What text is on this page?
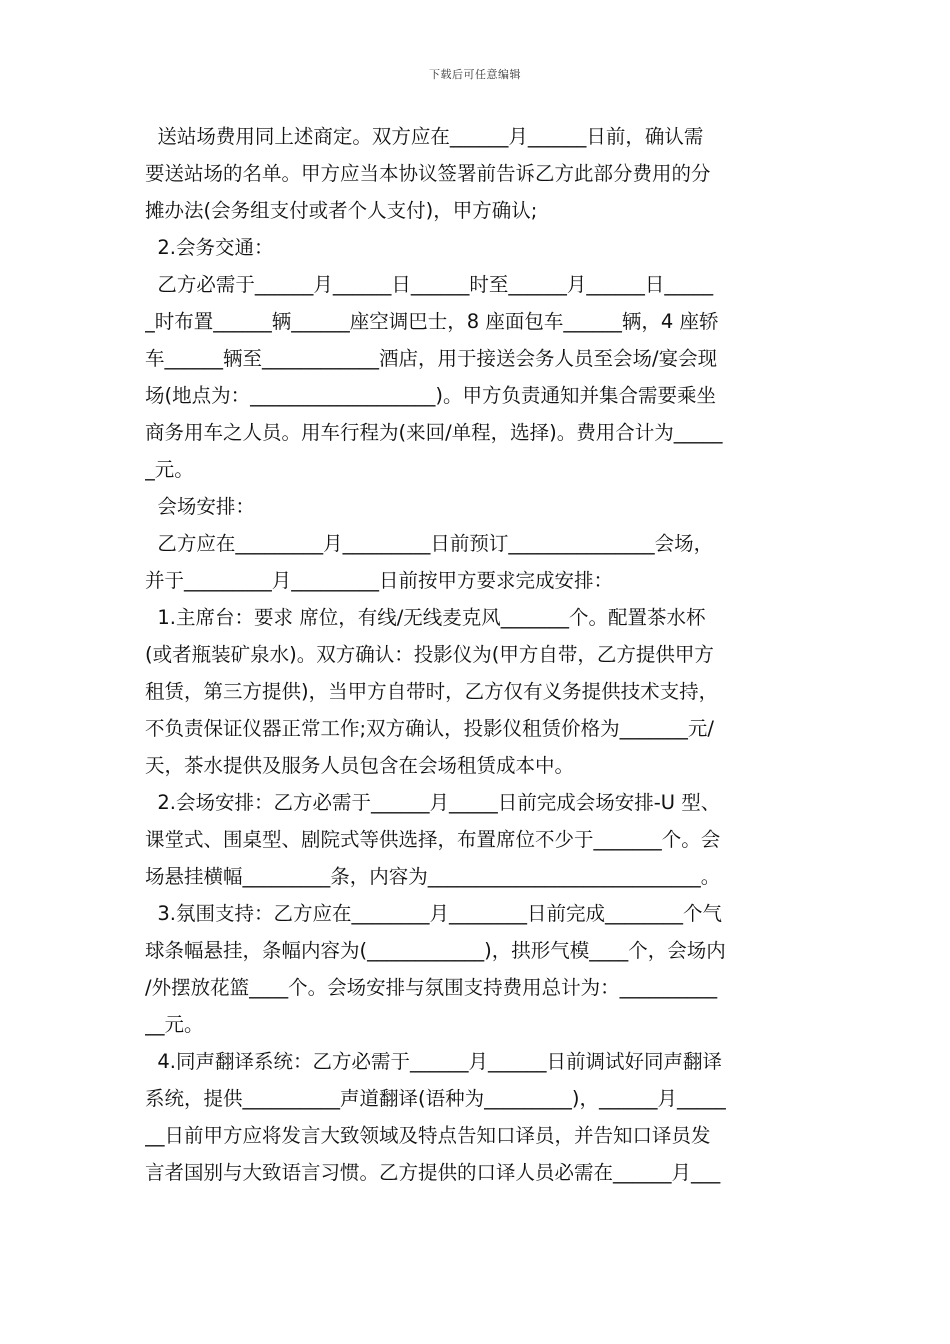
下载后可任意编辑
送站场费用同上述商定。双方应在______月______日前，确认需
要送站场的名单。甲方应当本协议签署前告诉乙方此部分费用的分
摊办法(会务组支付或者个人支付)，甲方确认;
2.会务交通：
乙方必需于______月______日______时至______月______日_____
_时布置______辆______座空调巴士，8 座面包车______辆，4 座轿
车______辆至____________酒店，用于接送会务人员至会场/宴会现
场(地点为：___________________)。甲方负责通知并集合需要乘坐
商务用车之人员。用车行程为(来回/单程，选择)。费用合计为_____
_元。
会场安排：
乙方应在_________月_________日前预订_______________会场，
并于_________月_________日前按甲方要求完成安排：
1.主席台：要求 席位，有线/无线麦克风_______个。配置茶水杯
(或者瓶装矿泉水)。双方确认：投影仪为(甲方自带，乙方提供甲方
租赁，第三方提供)，当甲方自带时，乙方仅有义务提供技术支持，
不负责保证仪器正常工作;双方确认，投影仪租赁价格为_______元/
天，茶水提供及服务人员包含在会场租赁成本中。
2.会场安排：乙方必需于______月_____日前完成会场安排-U 型、
课堂式、围桌型、剧院式等供选择，布置席位不少于_______个。会
场悬挂横幅_________条，内容为____________________________。
3.氛围支持：乙方应在________月________日前完成________个气
球条幅悬挂，条幅内容为(____________)，拱形气模____个，会场内
/外摆放花篮____个。会场安排与氛围支持费用总计为：__________
__元。
4.同声翻译系统：乙方必需于______月______日前调试好同声翻译
系统，提供__________声道翻译(语种为_________)，______月_____
__日前甲方应将发言大致领域及特点告知口译员，并告知口译员发
言者国别与大致语言习惯。乙方提供的口译人员必需在______月___
